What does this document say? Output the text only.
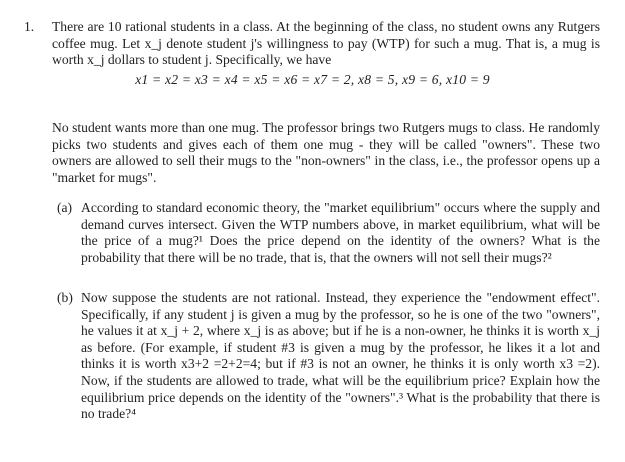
1. There are 10 rational students in a class. At the beginning of the class, no student owns any Rutgers coffee mug. Let x_j denote student j's willingness to pay (WTP) for such a mug. That is, a mug is worth x_j dollars to student j. Specifically, we have
x1 = x2 = x3 = x4 = x5 = x6 = x7 = 2, x8 = 5, x9 = 6, x10 = 9
No student wants more than one mug. The professor brings two Rutgers mugs to class. He randomly picks two students and gives each of them one mug - they will be called "owners". These two owners are allowed to sell their mugs to the "non-owners" in the class, i.e., the professor opens up a "market for mugs".
(a) According to standard economic theory, the "market equilibrium" occurs where the supply and demand curves intersect. Given the WTP numbers above, in market equilibrium, what will be the price of a mug?¹ Does the price depend on the identity of the owners? What is the probability that there will be no trade, that is, that the owners will not sell their mugs?²
(b) Now suppose the students are not rational. Instead, they experience the "endowment effect". Specifically, if any student j is given a mug by the professor, so he is one of the two "owners", he values it at x_j + 2, where x_j is as above; but if he is a non-owner, he thinks it is worth x_j as before. (For example, if student #3 is given a mug by the professor, he likes it a lot and thinks it is worth x3+2 =2+2=4; but if #3 is not an owner, he thinks it is only worth x3 =2). Now, if the students are allowed to trade, what will be the equilibrium price? Explain how the equilibrium price depends on the identity of the "owners".³ What is the probability that there is no trade?⁴
